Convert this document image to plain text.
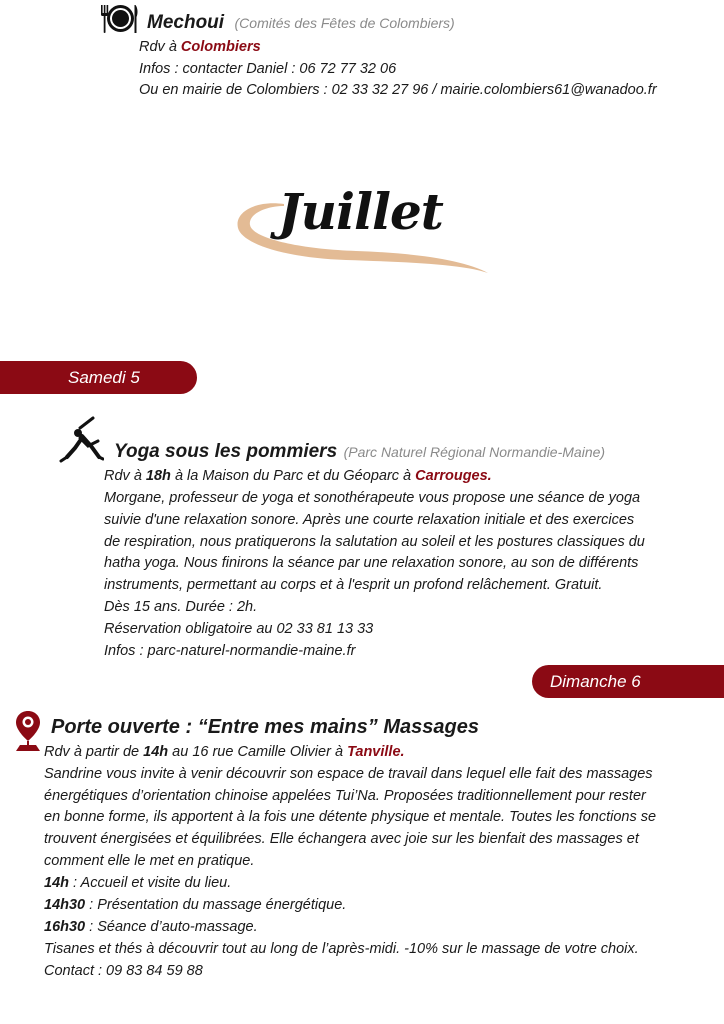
Mechoui (Comités des Fêtes de Colombiers)
Rdv à Colombiers
Infos : contacter Daniel : 06 72 77 32 06
Ou en mairie de Colombiers : 02 33 32 27 96 / mairie.colombiers61@wanadoo.fr
Juillet
Samedi 5
Yoga sous les pommiers (Parc Naturel Régional Normandie-Maine)
Rdv à 18h à la Maison du Parc et du Géoparc à Carrouges.
Morgane, professeur de yoga et sonothérapeute vous propose une séance de yoga
suivie d'une relaxation sonore. Après une courte relaxation initiale et des exercices
de respiration, nous pratiquerons la salutation au soleil et les postures classiques du
hatha yoga. Nous finirons la séance par une relaxation sonore, au son de différents
instruments, permettant au corps et à l'esprit un profond relâchement. Gratuit.
Dès 15 ans. Durée : 2h.
Réservation obligatoire au 02 33 81 13 33
Infos : parc-naturel-normandie-maine.fr
Dimanche 6
Porte ouverte : “Entre mes mains” Massages
Rdv à partir de 14h au 16 rue Camille Olivier à Tanville.
Sandrine vous invite à venir découvrir son espace de travail dans lequel elle fait des massages
énergétiques d’orientation chinoise appelées Tui’Na. Proposées traditionnellement pour rester
en bonne forme, ils apportent à la fois une détente physique et mentale. Toutes les fonctions se
trouvent énergisées et équilibrées. Elle échangera avec joie sur les bienfait des massages et
comment elle le met en pratique.
14h : Accueil et visite du lieu.
14h30 : Présentation du massage énergétique.
16h30 : Séance d’auto-massage.
Tisanes et thés à découvrir tout au long de l’après-midi. -10% sur le massage de votre choix.
Contact : 09 83 84 59 88
